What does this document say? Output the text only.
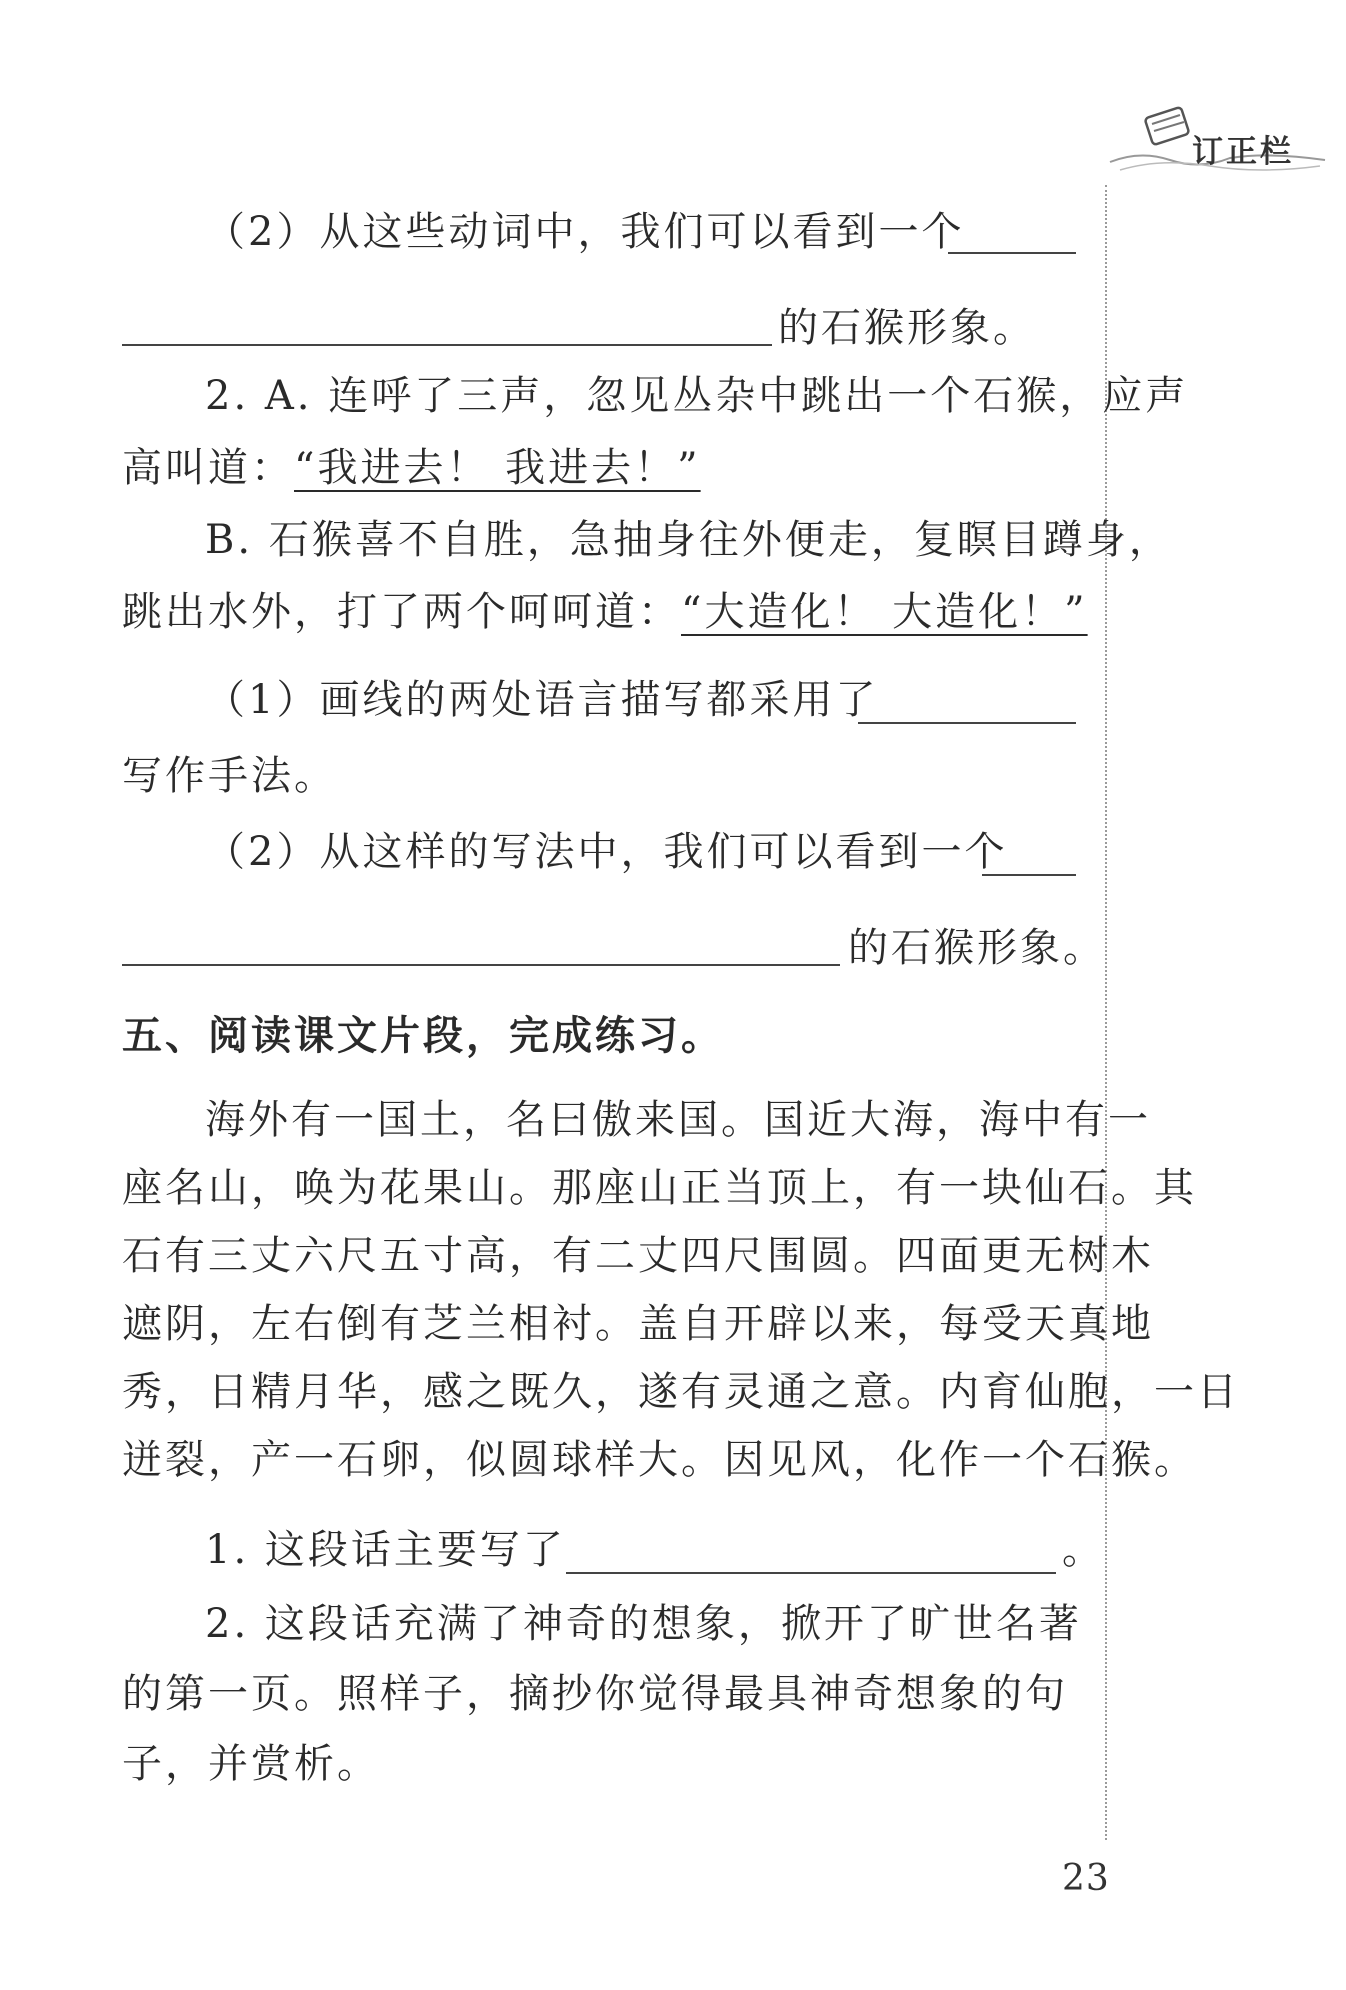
订正栏
（2）从这些动词中，我们可以看到一个
的石猴形象。
2. A. 连呼了三声，忽见丛杂中跳出一个石猴，应声
高叫道：“我进去！ 我进去！”
B. 石猴喜不自胜，急抽身往外便走，复瞑目蹲身，
跳出水外，打了两个呵呵道：“大造化！ 大造化！”
（1）画线的两处语言描写都采用了
写作手法。
（2）从这样的写法中，我们可以看到一个
的石猴形象。
五、阅读课文片段，完成练习。
海外有一国土，名曰傲来国。国近大海，海中有一
座名山，唤为花果山。那座山正当顶上，有一块仙石。其
石有三丈六尺五寸高，有二丈四尺围圆。四面更无树木
遮阴，左右倒有芝兰相衬。盖自开辟以来，每受天真地
秀，日精月华，感之既久，遂有灵通之意。内育仙胞，一日
迸裂，产一石卵，似圆球样大。因见风，化作一个石猴。
1. 这段话主要写了	。
2. 这段话充满了神奇的想象，掀开了旷世名著
的第一页。照样子，摘抄你觉得最具神奇想象的句
子，并赏析。
23
